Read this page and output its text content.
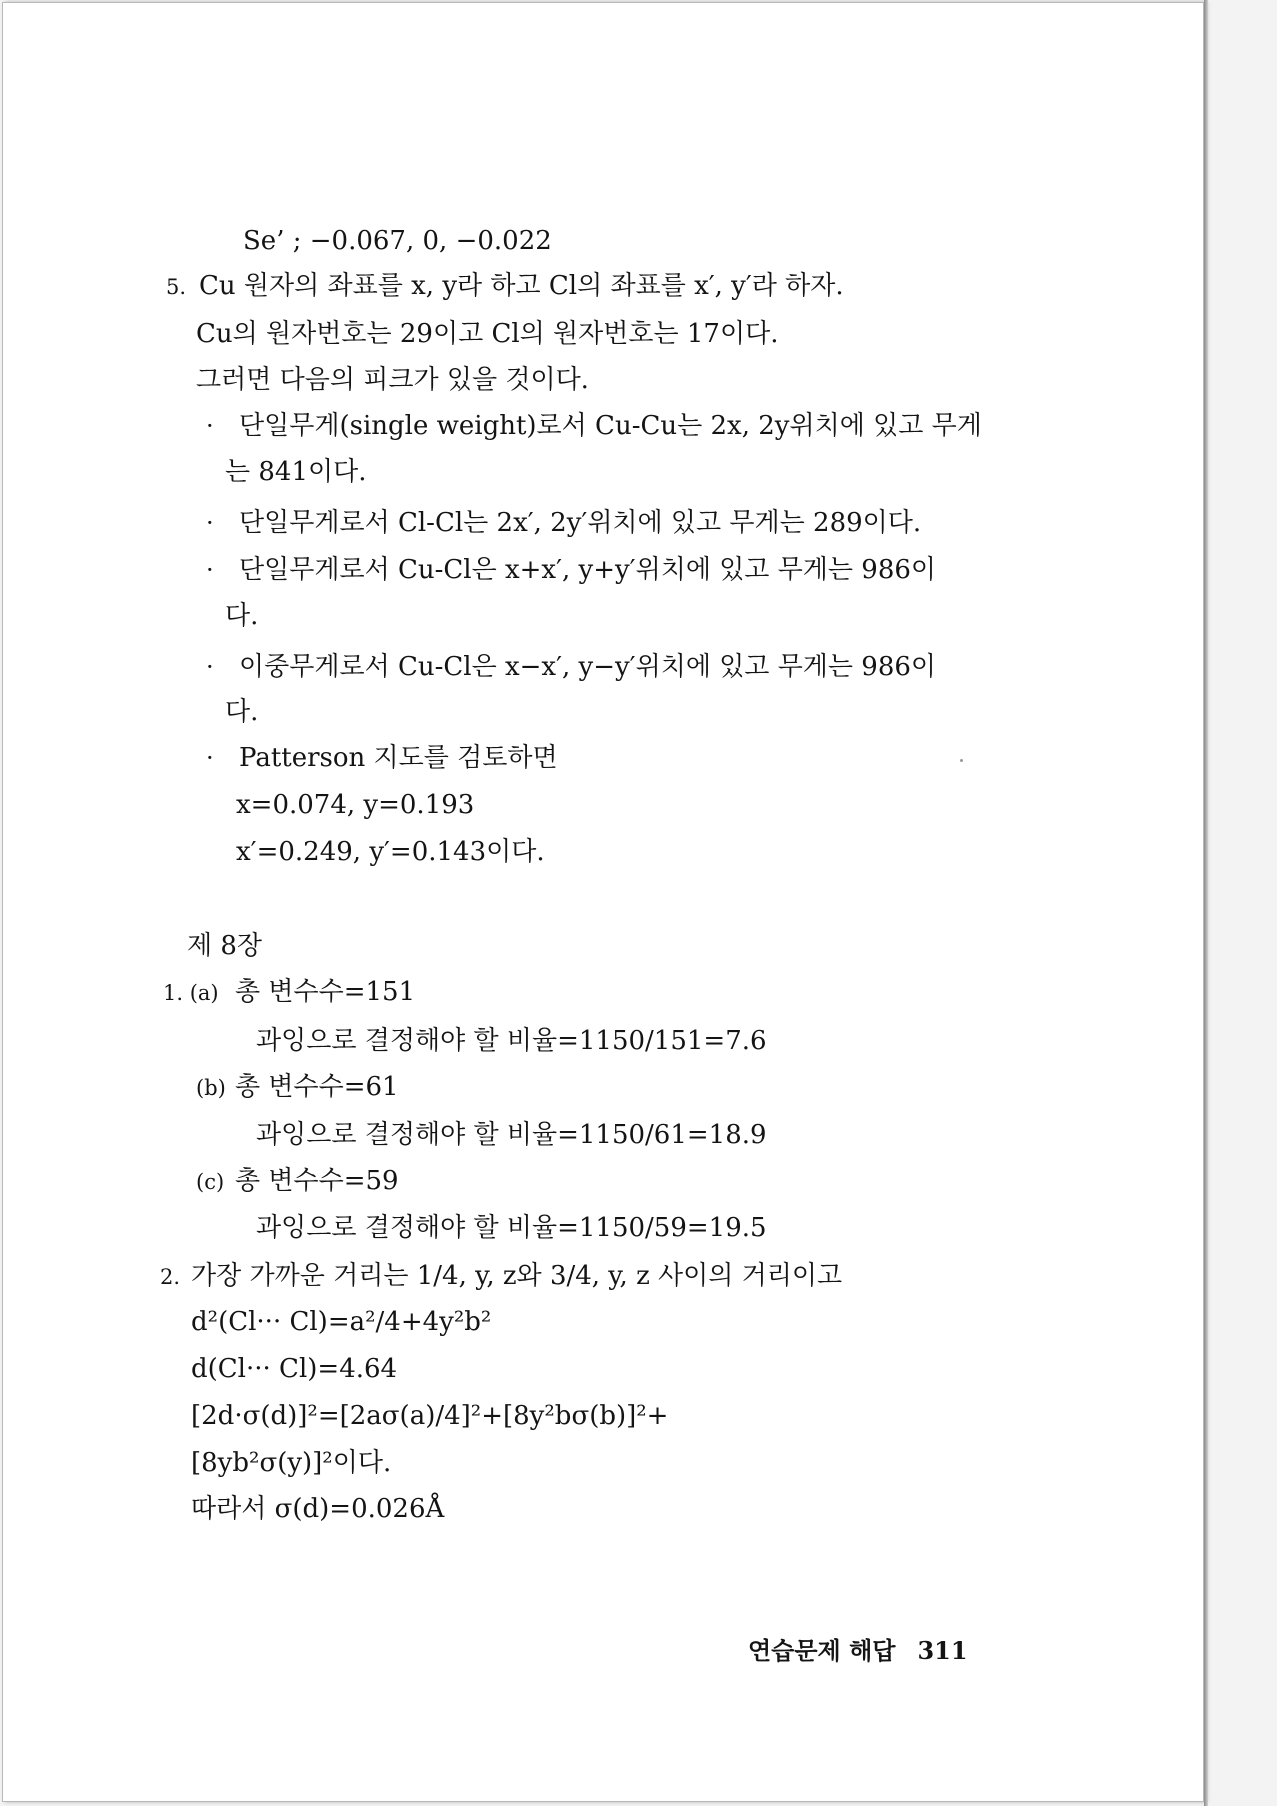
Se’ ; −0.067, 0, −0.022
5. Cu 원자의 좌표를 x, y라 하고 Cl의 좌표를 x′, y′라 하자.
Cu의 원자번호는 29이고 Cl의 원자번호는 17이다.
그러면 다음의 피크가 있을 것이다.
· 단일무게(single weight)로서 Cu-Cu는 2x, 2y위치에 있고 무게
는 841이다.
· 단일무게로서 Cl-Cl는 2x′, 2y′위치에 있고 무게는 289이다.
· 단일무게로서 Cu-Cl은 x+x′, y+y′위치에 있고 무게는 986이
다.
· 이중무게로서 Cu-Cl은 x−x′, y−y′위치에 있고 무게는 986이
다.
· Patterson 지도를 검토하면
x=0.074, y=0.193
x′=0.249, y′=0.143이다.
제 8장
1. (a) 총 변수수=151
과잉으로 결정해야 할 비율=1150/151=7.6
(b) 총 변수수=61
과잉으로 결정해야 할 비율=1150/61=18.9
(c) 총 변수수=59
과잉으로 결정해야 할 비율=1150/59=19.5
2. 가장 가까운 거리는 1/4, y, z와 3/4, y, z 사이의 거리이고
d²(Cl··· Cl)=a²/4+4y²b²
d(Cl··· Cl)=4.64
[2d·σ(d)]²=[2aσ(a)/4]²+[8y²bσ(b)]²+
[8yb²σ(y)]²이다.
따라서 σ(d)=0.026Å
연습문제 해답 311
